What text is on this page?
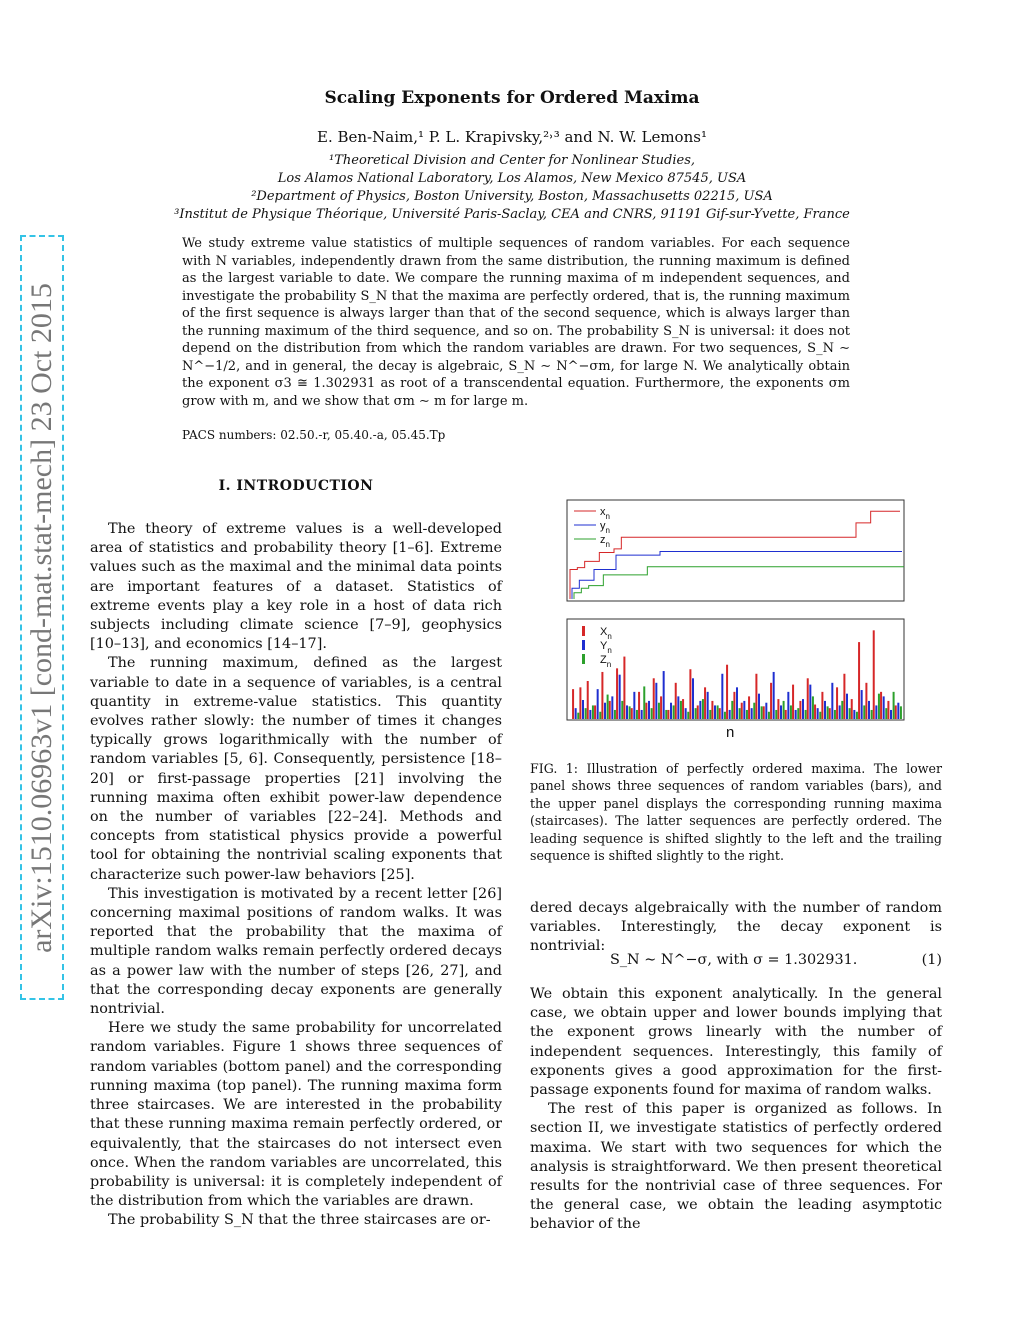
arXiv:1510.06963v1 [cond-mat.stat-mech] 23 Oct 2015
Scaling Exponents for Ordered Maxima
E. Ben-Naim,¹ P. L. Krapivsky,²˒³ and N. W. Lemons¹
¹Theoretical Division and Center for Nonlinear Studies,
Los Alamos National Laboratory, Los Alamos, New Mexico 87545, USA
²Department of Physics, Boston University, Boston, Massachusetts 02215, USA
³Institut de Physique Théorique, Université Paris-Saclay, CEA and CNRS, 91191 Gif-sur-Yvette, France
We study extreme value statistics of multiple sequences of random variables. For each sequence with N variables, independently drawn from the same distribution, the running maximum is defined as the largest variable to date. We compare the running maxima of m independent sequences, and investigate the probability S_N that the maxima are perfectly ordered, that is, the running maximum of the first sequence is always larger than that of the second sequence, which is always larger than the running maximum of the third sequence, and so on. The probability S_N is universal: it does not depend on the distribution from which the random variables are drawn. For two sequences, S_N ∼ N^−1/2, and in general, the decay is algebraic, S_N ∼ N^−σm, for large N. We analytically obtain the exponent σ3 ≅ 1.302931 as root of a transcendental equation. Furthermore, the exponents σm grow with m, and we show that σm ∼ m for large m.
PACS numbers: 02.50.-r, 05.40.-a, 05.45.Tp
I. INTRODUCTION

The theory of extreme values is a well-developed area of statistics and probability theory [1–6]. Extreme values such as the maximal and the minimal data points are important features of a dataset. Statistics of extreme events play a key role in a host of data rich subjects including climate science [7–9], geophysics [10–13], and economics [14–17].

The running maximum, defined as the largest variable to date in a sequence of variables, is a central quantity in extreme-value statistics. This quantity evolves rather slowly: the number of times it changes typically grows logarithmically with the number of random variables [5, 6]. Consequently, persistence [18–20] or first-passage properties [21] involving the running maxima often exhibit power-law dependence on the number of variables [22–24]. Methods and concepts from statistical physics provide a powerful tool for obtaining the nontrivial scaling exponents that characterize such power-law behaviors [25].

This investigation is motivated by a recent letter [26] concerning maximal positions of random walks. It was reported that the probability that the maxima of multiple random walks remain perfectly ordered decays as a power law with the number of steps [26, 27], and that the corresponding decay exponents are generally nontrivial.

Here we study the same probability for uncorrelated random variables. Figure 1 shows three sequences of random variables (bottom panel) and the corresponding running maxima (top panel). The running maxima form three staircases. We are interested in the probability that these running maxima remain perfectly ordered, or equivalently, that the staircases do not intersect even once. When the random variables are uncorrelated, this probability is universal: it is completely independent of the distribution from which the variables are drawn.

The probability S_N that the three staircases are or-

$x_n$
$y_n$
$z_n$
$X_n$
$Y_n$
$Z_n$
n
FIG. 1: Illustration of perfectly ordered maxima. The lower panel shows three sequences of random variables (bars), and the upper panel displays the corresponding running maxima (staircases). The latter sequences are perfectly ordered. The leading sequence is shifted slightly to the left and the trailing sequence is shifted slightly to the right.

dered decays algebraically with the number of random variables. Interestingly, the decay exponent is nontrivial:

S_N ∼ N^−σ, with σ = 1.302931.	(1)

We obtain this exponent analytically. In the general case, we obtain upper and lower bounds implying that the exponent grows linearly with the number of independent sequences. Interestingly, this family of exponents gives a good approximation for the first-passage exponents found for maxima of random walks.

The rest of this paper is organized as follows. In section II, we investigate statistics of perfectly ordered maxima. We start with two sequences for which the analysis is straightforward. We then present theoretical results for the nontrivial case of three sequences. For the general case, we obtain the leading asymptotic behavior of the
